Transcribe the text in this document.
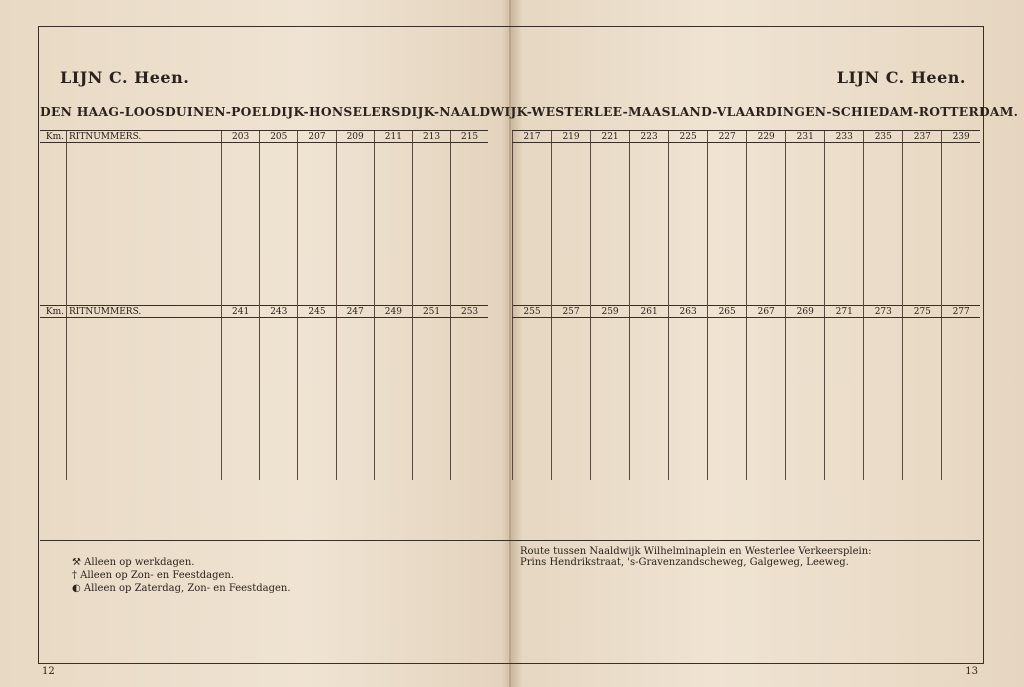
LIJN C. Heen.	LIJN C. Heen.
DEN HAAG-LOOSDUINEN-POELDIJK-HONSELERSDIJK-NAALDWIJK-WESTERLEE-MAASLAND-VLAARDINGEN-SCHIEDAM-ROTTERDAM.
Km.	RITNUMMERS.	203	205	207	209	211	213	215

Km.	RITNUMMERS.	241	243	245	247	249	251	253

217	219	221	223	225	227	229	231	233	235	237	239

255	257	259	261	263	265	267	269	271	273	275	277

⚒ Alleen op werkdagen.
† Alleen op Zon- en Feestdagen.
◐ Alleen op Zaterdag, Zon- en Feestdagen.
Route tussen Naaldwijk Wilhelminaplein en Westerlee Verkeersplein:
Prins Hendrikstraat, 's-Gravenzandscheweg, Galgeweg, Leeweg.
12	13
